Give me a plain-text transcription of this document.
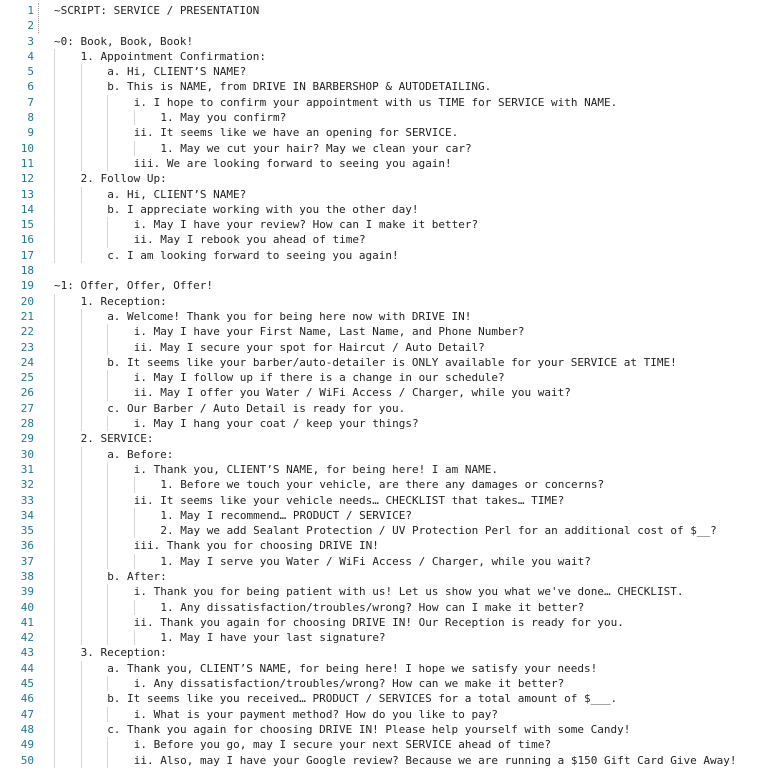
1 ~SCRIPT: SERVICE / PRESENTATION
2
3 ~0: Book, Book, Book!
4	1. Appointment Confirmation:
5	a. Hi, CLIENT’S NAME?
6	b. This is NAME, from DRIVE IN BARBERSHOP & AUTODETAILING.
7	i. I hope to confirm your appointment with us TIME for SERVICE with NAME.
8	1. May you confirm?
9	ii. It seems like we have an opening for SERVICE.
10	1. May we cut your hair? May we clean your car?
11	iii. We are looking forward to seeing you again!
12	2. Follow Up:
13	a. Hi, CLIENT’S NAME?
14	b. I appreciate working with you the other day!
15	i. May I have your review? How can I make it better?
16	ii. May I rebook you ahead of time?
17	c. I am looking forward to seeing you again!
18
19 ~1: Offer, Offer, Offer!
20	1. Reception:
21	a. Welcome! Thank you for being here now with DRIVE IN!
22	i. May I have your First Name, Last Name, and Phone Number?
23	ii. May I secure your spot for Haircut / Auto Detail?
24	b. It seems like your barber/auto-detailer is ONLY available for your SERVICE at TIME!
25	i. May I follow up if there is a change in our schedule?
26	ii. May I offer you Water / WiFi Access / Charger, while you wait?
27	c. Our Barber / Auto Detail is ready for you.
28	i. May I hang your coat / keep your things?
29	2. SERVICE:
30	a. Before:
31	i. Thank you, CLIENT’S NAME, for being here! I am NAME.
32	1. Before we touch your vehicle, are there any damages or concerns?
33	ii. It seems like your vehicle needs… CHECKLIST that takes… TIME?
34	1. May I recommend… PRODUCT / SERVICE?
35	2. May we add Sealant Protection / UV Protection Perl for an additional cost of $__?
36	iii. Thank you for choosing DRIVE IN!
37	1. May I serve you Water / WiFi Access / Charger, while you wait?
38	b. After:
39	i. Thank you for being patient with us! Let us show you what we've done… CHECKLIST.
40	1. Any dissatisfaction/troubles/wrong? How can I make it better?
41	ii. Thank you again for choosing DRIVE IN! Our Reception is ready for you.
42	1. May I have your last signature?
43	3. Reception:
44	a. Thank you, CLIENT’S NAME, for being here! I hope we satisfy your needs!
45	i. Any dissatisfaction/troubles/wrong? How can we make it better?
46	b. It seems like you received… PRODUCT / SERVICES for a total amount of $___.
47	i. What is your payment method? How do you like to pay?
48	c. Thank you again for choosing DRIVE IN! Please help yourself with some Candy!
49	i. Before you go, may I secure your next SERVICE ahead of time?
50	ii. Also, may I have your Google review? Because we are running a $150 Gift Card Give Away!
